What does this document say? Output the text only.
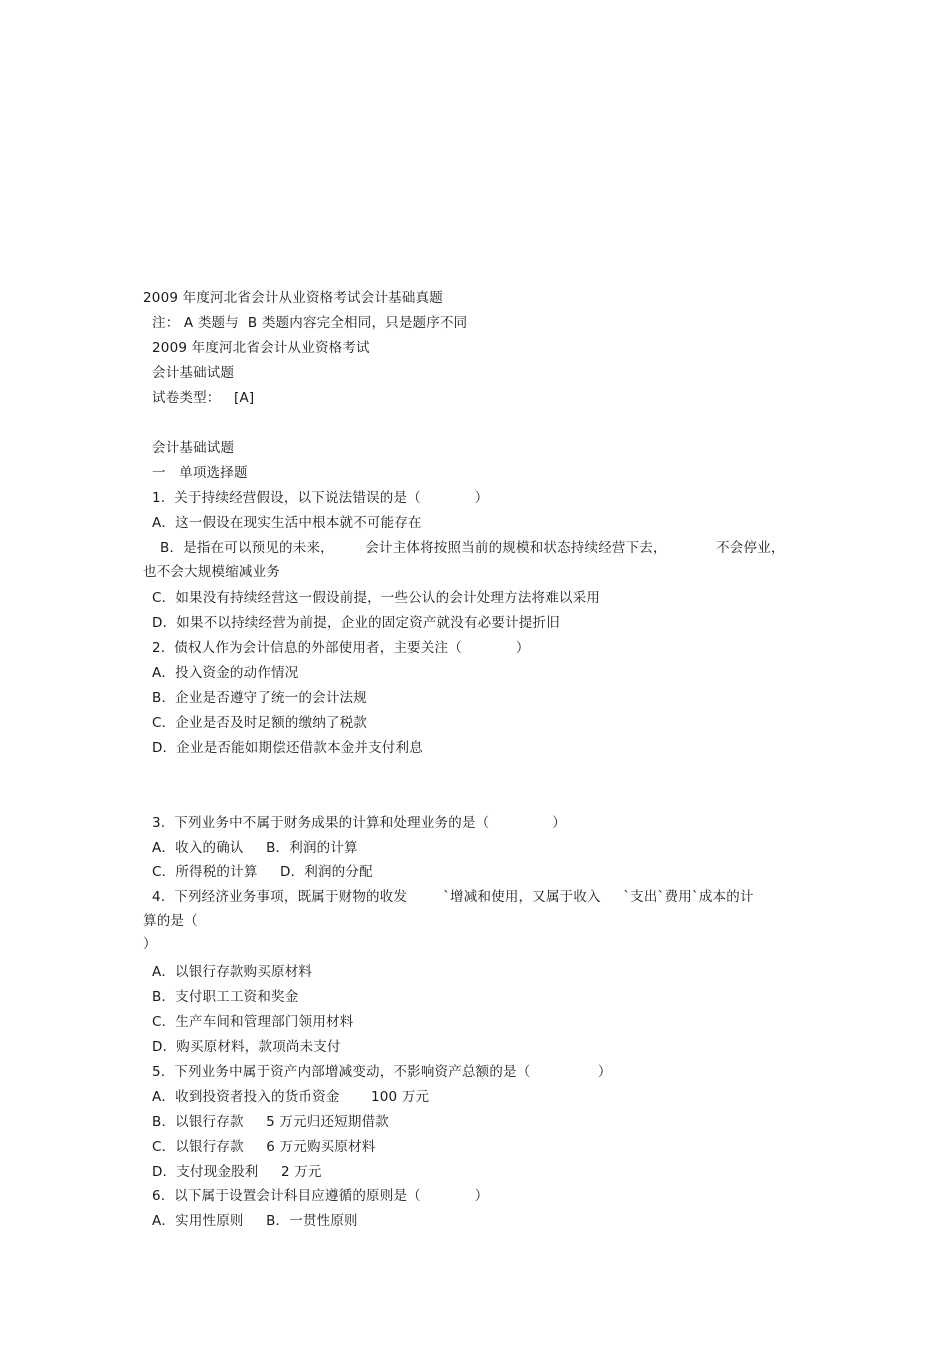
2009 年度河北省会计从业资格考试会计基础真题
注： A 类题与  B 类题内容完全相同，只是题序不同
2009 年度河北省会计从业资格考试
会计基础试题
试卷类型：   [A]
会计基础试题
一   单项选择题
1.  关于持续经营假设，以下说法错误的是（            ）
A．这一假设在现实生活中根本就不可能存在
B．是指在可以预见的未来，       会计主体将按照当前的规模和状态持续经营下去，           不会停业，
也不会大规模缩减业务
C．如果没有持续经营这一假设前提，一些公认的会计处理方法将难以采用
D．如果不以持续经营为前提，企业的固定资产就没有必要计提折旧
2.  债权人作为会计信息的外部使用者，主要关注（            ）
A．投入资金的动作情况
B．企业是否遵守了统一的会计法规
C．企业是否及时足额的缴纳了税款
D．企业是否能如期偿还借款本金并支付利息
3.  下列业务中不属于财务成果的计算和处理业务的是（              ）
A．收入的确认     B．利润的计算
C．所得税的计算     D．利润的分配
4.  下列经济业务事项，既属于财物的收发        `增减和使用，又属于收入     `支出`费用`成本的计
算的是（
）
A．以银行存款购买原材料
B．支付职工工资和奖金
C．生产车间和管理部门领用材料
D．购买原材料，款项尚未支付
5.  下列业务中属于资产内部增减变动，不影响资产总额的是（               ）
A．收到投资者投入的货币资金       100 万元
B．以银行存款     5 万元归还短期借款
C．以银行存款     6 万元购买原材料
D．支付现金股利     2 万元
6.  以下属于设置会计科目应遵循的原则是（            ）
A．实用性原则     B．一贯性原则
